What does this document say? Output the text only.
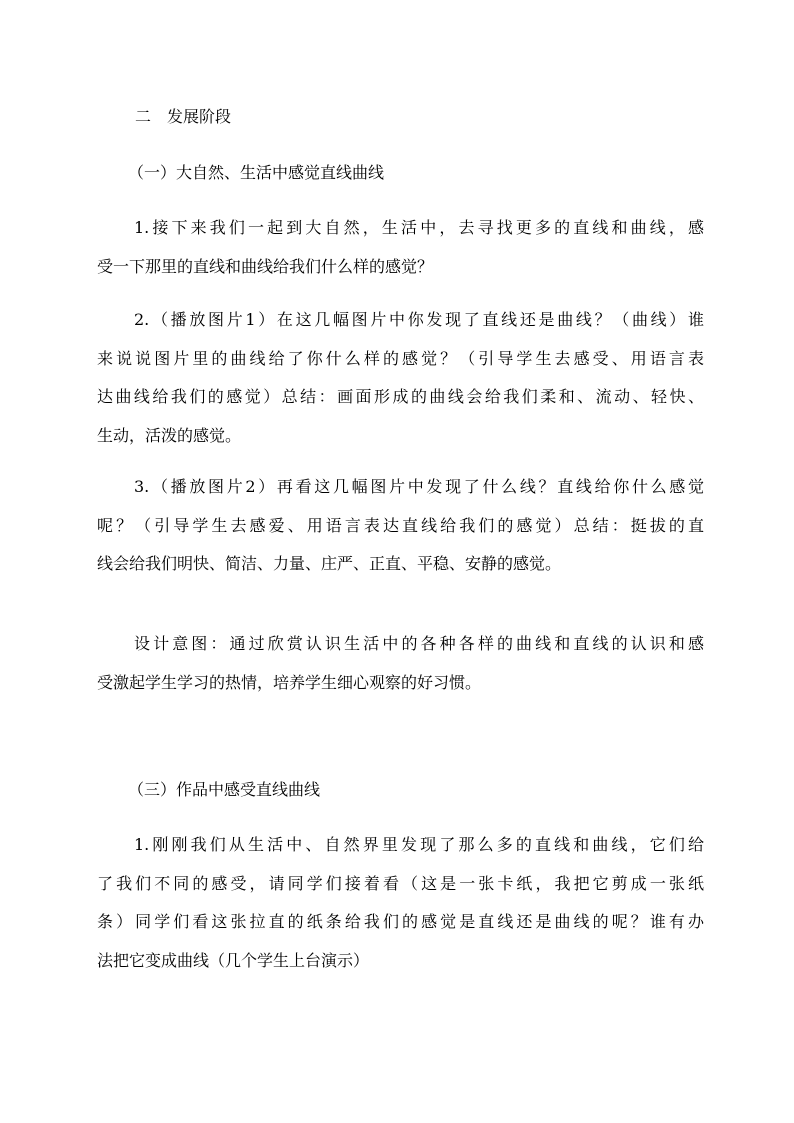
二　发展阶段
（一）大自然、生活中感觉直线曲线
1.接下来我们一起到大自然，生活中，去寻找更多的直线和曲线，感
受一下那里的直线和曲线给我们什么样的感觉？
2.（播放图片1）在这几幅图片中你发现了直线还是曲线？（曲线）谁
来说说图片里的曲线给了你什么样的感觉？（引导学生去感受、用语言表
达曲线给我们的感觉）总结：画面形成的曲线会给我们柔和、流动、轻快、
生动，活泼的感觉。
3.（播放图片2）再看这几幅图片中发现了什么线？直线给你什么感觉
呢？（引导学生去感爱、用语言表达直线给我们的感觉）总结：挺拔的直
线会给我们明快、简洁、力量、庄严、正直、平稳、安静的感觉。
设计意图：通过欣赏认识生活中的各种各样的曲线和直线的认识和感
受激起学生学习的热情，培养学生细心观察的好习惯。
（三）作品中感受直线曲线
1.刚刚我们从生活中、自然界里发现了那么多的直线和曲线，它们给
了我们不同的感受，请同学们接着看（这是一张卡纸，我把它剪成一张纸
条）同学们看这张拉直的纸条给我们的感觉是直线还是曲线的呢？谁有办
法把它变成曲线（几个学生上台演示）
